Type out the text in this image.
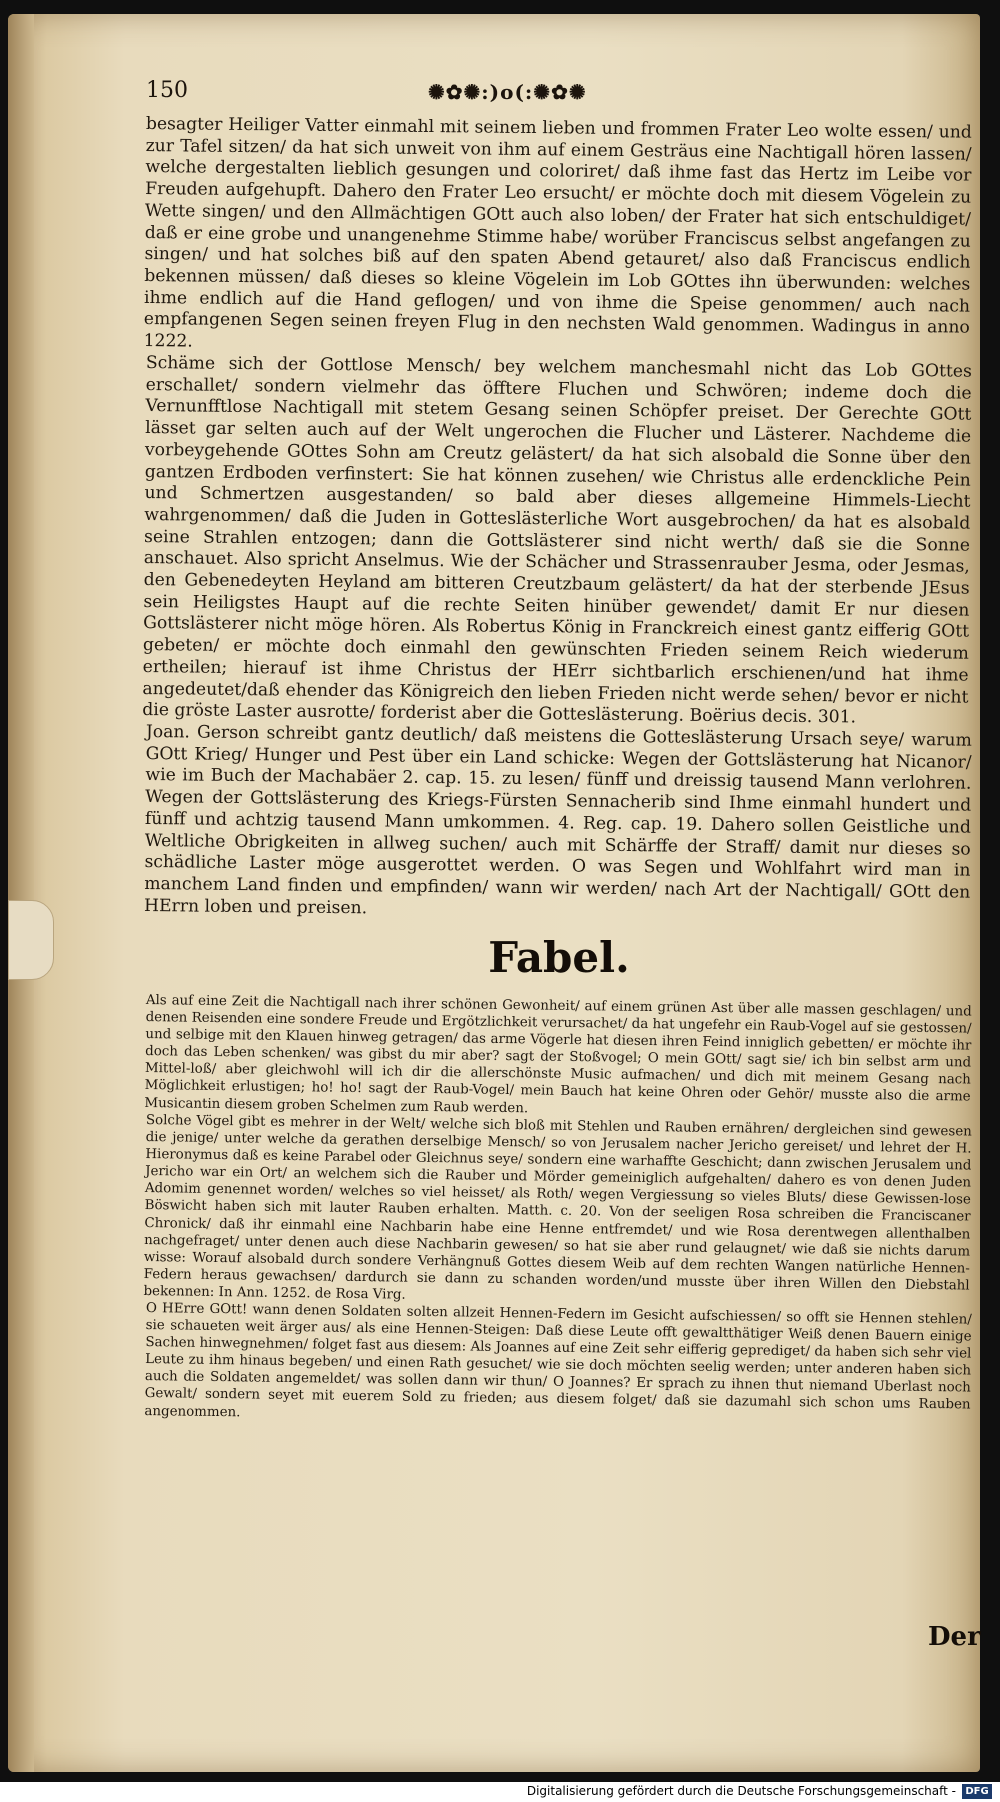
150	✺✿✺:)o(:✺✿✺

besagter Heiliger Vatter einmahl mit seinem lieben und frommen Frater Leo wolte essen/ und zur Tafel sitzen/ da hat sich unweit von ihm auf einem Gesträus eine Nachtigall hören lassen/ welche dergestalten lieblich gesungen und coloriret/ daß ihme fast das Hertz im Leibe vor Freuden aufgehupft. Dahero den Frater Leo ersucht/ er möchte doch mit diesem Vögelein zu Wette singen/ und den Allmächtigen GOtt auch also loben/ der Frater hat sich entschuldiget/ daß er eine grobe und unangenehme Stimme habe/ worüber Franciscus selbst angefangen zu singen/ und hat solches biß auf den spaten Abend getauret/ also daß Franciscus endlich bekennen müssen/ daß dieses so kleine Vögelein im Lob GOttes ihn überwunden: welches ihme endlich auf die Hand geflogen/ und von ihme die Speise genommen/ auch nach empfangenen Segen seinen freyen Flug in den nechsten Wald genommen. Wadingus in anno 1222.

Schäme sich der Gottlose Mensch/ bey welchem manchesmahl nicht das Lob GOttes erschallet/ sondern vielmehr das öfftere Fluchen und Schwören; indeme doch die Vernunfftlose Nachtigall mit stetem Gesang seinen Schöpfer preiset. Der Gerechte GOtt lässet gar selten auch auf der Welt ungerochen die Flucher und Lästerer. Nachdeme die vorbeygehende GOttes Sohn am Creutz gelästert/ da hat sich alsobald die Sonne über den gantzen Erdboden verfinstert: Sie hat können zusehen/ wie Christus alle erdenckliche Pein und Schmertzen ausgestanden/ so bald aber dieses allgemeine Himmels-Liecht wahrgenommen/ daß die Juden in Gotteslästerliche Wort ausgebrochen/ da hat es alsobald seine Strahlen entzogen; dann die Gottslästerer sind nicht werth/ daß sie die Sonne anschauet. Also spricht Anselmus. Wie der Schächer und Strassenrauber Jesma, oder Jesmas, den Gebenedeyten Heyland am bitteren Creutzbaum gelästert/ da hat der sterbende JEsus sein Heiligstes Haupt auf die rechte Seiten hinüber gewendet/ damit Er nur diesen Gottslästerer nicht möge hören. Als Robertus König in Franckreich einest gantz eifferig GOtt gebeten/ er möchte doch einmahl den gewünschten Frieden seinem Reich wiederum ertheilen; hierauf ist ihme Christus der HErr sichtbarlich erschienen/und hat ihme angedeutet/daß ehender das Königreich den lieben Frieden nicht werde sehen/ bevor er nicht die gröste Laster ausrotte/ forderist aber die Gotteslästerung. Boërius decis. 301.

Joan. Gerson schreibt gantz deutlich/ daß meistens die Gotteslästerung Ursach seye/ warum GOtt Krieg/ Hunger und Pest über ein Land schicke: Wegen der Gottslästerung hat Nicanor/ wie im Buch der Machabäer 2. cap. 15. zu lesen/ fünff und dreissig tausend Mann verlohren. Wegen der Gottslästerung des Kriegs-Fürsten Sennacherib sind Ihme einmahl hundert und fünff und achtzig tausend Mann umkommen. 4. Reg. cap. 19. Dahero sollen Geistliche und Weltliche Obrigkeiten in allweg suchen/ auch mit Schärffe der Straff/ damit nur dieses so schädliche Laster möge ausgerottet werden. O was Segen und Wohlfahrt wird man in manchem Land finden und empfinden/ wann wir werden/ nach Art der Nachtigall/ GOtt den HErrn loben und preisen.

Fabel.

Als auf eine Zeit die Nachtigall nach ihrer schönen Gewonheit/ auf einem grünen Ast über alle massen geschlagen/ und denen Reisenden eine sondere Freude und Ergötzlichkeit verursachet/ da hat ungefehr ein Raub-Vogel auf sie gestossen/ und selbige mit den Klauen hinweg getragen/ das arme Vögerle hat diesen ihren Feind inniglich gebetten/ er möchte ihr doch das Leben schenken/ was gibst du mir aber? sagt der Stoßvogel; O mein GOtt/ sagt sie/ ich bin selbst arm und Mittel-loß/ aber gleichwohl will ich dir die allerschönste Music aufmachen/ und dich mit meinem Gesang nach Möglichkeit erlustigen; ho! ho! sagt der Raub-Vogel/ mein Bauch hat keine Ohren oder Gehör/ musste also die arme Musicantin diesem groben Schelmen zum Raub werden.

Solche Vögel gibt es mehrer in der Welt/ welche sich bloß mit Stehlen und Rauben ernähren/ dergleichen sind gewesen die jenige/ unter welche da gerathen derselbige Mensch/ so von Jerusalem nacher Jericho gereiset/ und lehret der H. Hieronymus daß es keine Parabel oder Gleichnus seye/ sondern eine warhaffte Geschicht; dann zwischen Jerusalem und Jericho war ein Ort/ an welchem sich die Rauber und Mörder gemeiniglich aufgehalten/ dahero es von denen Juden Adomim genennet worden/ welches so viel heisset/ als Roth/ wegen Vergiessung so vieles Bluts/ diese Gewissen-lose Böswicht haben sich mit lauter Rauben erhalten. Matth. c. 20. Von der seeligen Rosa schreiben die Franciscaner Chronick/ daß ihr einmahl eine Nachbarin habe eine Henne entfremdet/ und wie Rosa derentwegen allenthalben nachgefraget/ unter denen auch diese Nachbarin gewesen/ so hat sie aber rund gelaugnet/ wie daß sie nichts darum wisse: Worauf alsobald durch sondere Verhängnuß Gottes diesem Weib auf dem rechten Wangen natürliche Hennen-Federn heraus gewachsen/ dardurch sie dann zu schanden worden/und musste über ihren Willen den Diebstahl bekennen: In Ann. 1252. de Rosa Virg.

O HErre GOtt! wann denen Soldaten solten allzeit Hennen-Federn im Gesicht aufschiessen/ so offt sie Hennen stehlen/ sie schaueten weit ärger aus/ als eine Hennen-Steigen: Daß diese Leute offt gewaltthätiger Weiß denen Bauern einige Sachen hinwegnehmen/ folget fast aus diesem: Als Joannes auf eine Zeit sehr eifferig geprediget/ da haben sich sehr viel Leute zu ihm hinaus begeben/ und einen Rath gesuchet/ wie sie doch möchten seelig werden; unter anderen haben sich auch die Soldaten angemeldet/ was sollen dann wir thun/ O Joannes? Er sprach zu ihnen thut niemand Uberlast noch Gewalt/ sondern seyet mit euerem Sold zu frieden; aus diesem folget/ daß sie dazumahl sich schon ums Rauben angenommen.

Der
Digitalisierung gefördert durch die Deutsche Forschungsgemeinschaft - DFG
